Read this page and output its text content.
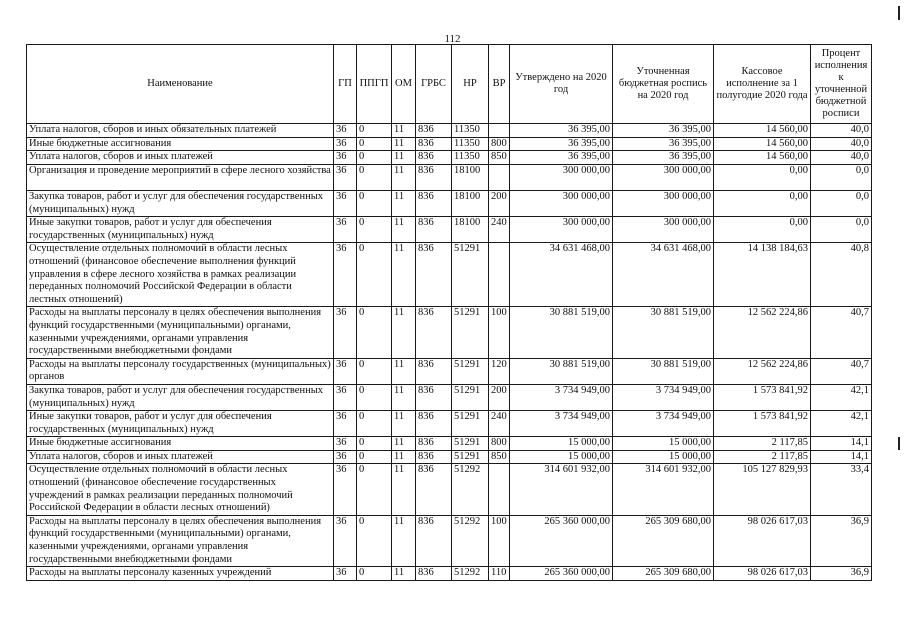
112
Наименование	ГП	ППГП	ОМ	ГРБС	НР	ВР	Утверждено на 2020 год	Уточненная бюджетная роспись на 2020 год	Кассовое исполнение за 1 полугодие 2020 года	Процент исполнения к уточненной бюджетной росписи
Уплата налогов, сборов и иных обязательных платежей	36	0	11	836	11350		36 395,00	36 395,00	14 560,00	40,0
Иные бюджетные ассигнования	36	0	11	836	11350	800	36 395,00	36 395,00	14 560,00	40,0
Уплата налогов, сборов и иных платежей	36	0	11	836	11350	850	36 395,00	36 395,00	14 560,00	40,0
Организация и проведение мероприятий в сфере лесного хозяйства	36	0	11	836	18100		300 000,00	300 000,00	0,00	0,0
Закупка товаров, работ и услуг для обеспечения государственных (муниципальных) нужд	36	0	11	836	18100	200	300 000,00	300 000,00	0,00	0,0
Иные закупки товаров, работ и услуг для обеспечения государственных (муниципальных) нужд	36	0	11	836	18100	240	300 000,00	300 000,00	0,00	0,0
Осуществление отдельных полномочий в области лесных отношений (финансовое обеспечение выполнения функций управления в сфере лесного хозяйства в рамках реализации переданных полномочий Российской Федерации в области лестных отношений)	36	0	11	836	51291		34 631 468,00	34 631 468,00	14 138 184,63	40,8
Расходы на выплаты персоналу в целях обеспечения выполнения функций государственными (муниципальными) органами, казенными учреждениями, органами управления государственными внебюджетными фондами	36	0	11	836	51291	100	30 881 519,00	30 881 519,00	12 562 224,86	40,7
Расходы на выплаты персоналу государственных (муниципальных) органов	36	0	11	836	51291	120	30 881 519,00	30 881 519,00	12 562 224,86	40,7
Закупка товаров, работ и услуг для обеспечения государственных (муниципальных) нужд	36	0	11	836	51291	200	3 734 949,00	3 734 949,00	1 573 841,92	42,1
Иные закупки товаров, работ и услуг для обеспечения государственных (муниципальных) нужд	36	0	11	836	51291	240	3 734 949,00	3 734 949,00	1 573 841,92	42,1
Иные бюджетные ассигнования	36	0	11	836	51291	800	15 000,00	15 000,00	2 117,85	14,1
Уплата налогов, сборов и иных платежей	36	0	11	836	51291	850	15 000,00	15 000,00	2 117,85	14,1
Осуществление отдельных полномочий в области лесных отношений (финансовое обеспечение государственных учреждений в рамках реализации переданных полномочий Российской Федерации в области лесных отношений)	36	0	11	836	51292		314 601 932,00	314 601 932,00	105 127 829,93	33,4
Расходы на выплаты персоналу в целях обеспечения выполнения функций государственными (муниципальными) органами, казенными учреждениями, органами управления государственными внебюджетными фондами	36	0	11	836	51292	100	265 360 000,00	265 309 680,00	98 026 617,03	36,9
Расходы на выплаты персоналу казенных учреждений	36	0	11	836	51292	110	265 360 000,00	265 309 680,00	98 026 617,03	36,9
